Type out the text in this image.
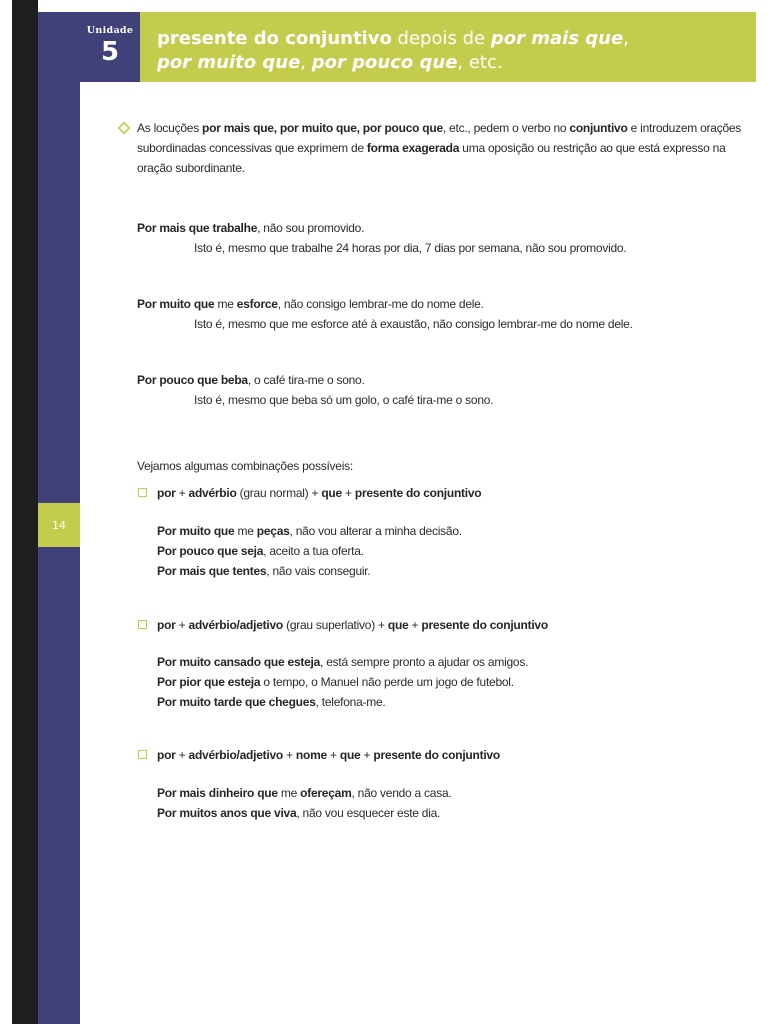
14
Unidade
5	presente do conjuntivo depois de por mais que,
por muito que, por pouco que, etc.

As locuções por mais que, por muito que, por pouco que, etc., pedem o verbo no conjuntivo e introduzem orações subordinadas concessivas que exprimem de forma exagerada uma oposição ou restrição ao que está expresso na oração subordinante.

Por mais que trabalhe, não sou promovido.

Isto é, mesmo que trabalhe 24 horas por dia, 7 dias por semana, não sou promovido.

Por muito que me esforce, não consigo lembrar-me do nome dele.

Isto é, mesmo que me esforce até à exaustão, não consigo lembrar-me do nome dele.

Por pouco que beba, o café tira-me o sono.

Isto é, mesmo que beba só um golo, o café tira-me o sono.

Vejamos algumas combinações possíveis:

por + advérbio (grau normal) + que + presente do conjuntivo

Por muito que me peças, não vou alterar a minha decisão.

Por pouco que seja, aceito a tua oferta.

Por mais que tentes, não vais conseguir.

por + advérbio/adjetivo (grau superlativo) + que + presente do conjuntivo

Por muito cansado que esteja, está sempre pronto a ajudar os amigos.

Por pior que esteja o tempo, o Manuel não perde um jogo de futebol.

Por muito tarde que chegues, telefona-me.

por + advérbio/adjetivo + nome + que + presente do conjuntivo

Por mais dinheiro que me ofereçam, não vendo a casa.

Por muitos anos que viva, não vou esquecer este dia.
